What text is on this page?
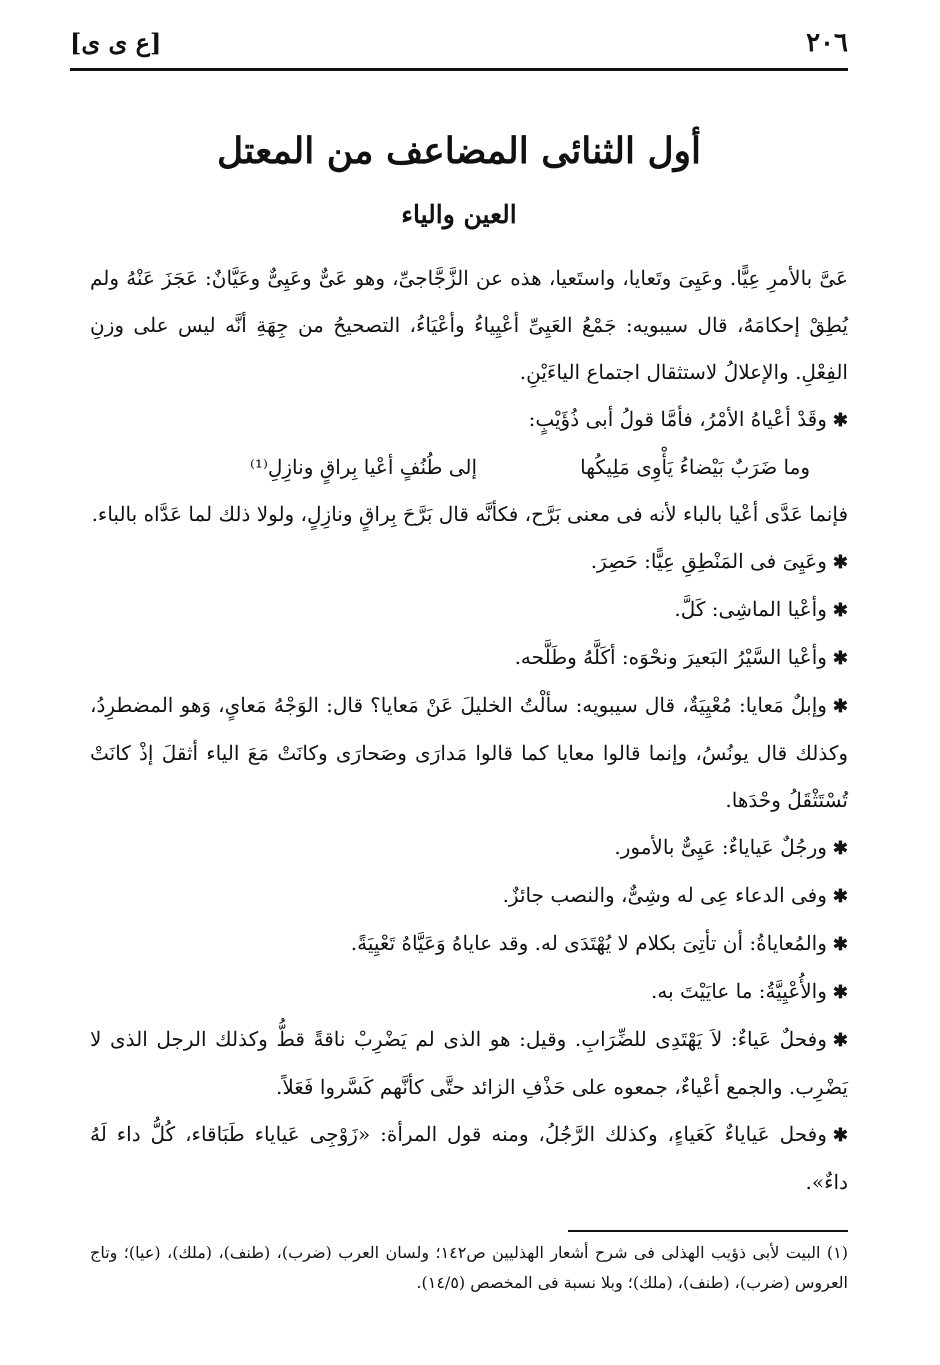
٢٠٦
[ع ى ى]
أول الثنائى المضاعف من المعتل
العين والياء

عَىَّ بالأمرِ عِيًّا. وعَيِىَ وتَعايا، واستَعيا، هذه عن الزَّجَّاجىِّ، وهو عَىٌّ وعَيِىٌّ وعَيَّانٌ: عَجَزَ عَنْهُ ولم يُطِقْ إحكامَهُ، قال سيبويه: جَمْعُ العَيِىِّ أعْيِياءُ وأعْيَاءُ، التصحيحُ من جِهَةِ أنَّه ليس على وزنِ الفِعْلِ. والإعلالُ لاستثقال اجتماع الياءَيْنِ.

✱وقَدْ أعْياهُ الأمْرُ، فأمَّا قولُ أبى ذُؤَيْبٍ:

وما ضَرَبٌ بَيْضاءُ يَأْوِى مَلِيكُها
إلى طُنُفٍ أعْيا بِراقٍ ونازِلِ⁽¹⁾

فإنما عَدَّى أعْيا بالباء لأنه فى معنى بَرَّح، فكأنَّه قال بَرَّحَ بِراقٍ ونازِلٍ، ولولا ذلك لما عَدَّاه بالباء.

✱وعَيِىَ فى المَنْطِقِ عِيًّا: حَصِرَ.

✱وأعْيا الماشِى: كَلَّ.

✱وأعْيا السَّيْرُ البَعيرَ ونحْوَه: أكَلَّهُ وطَلَّحه.

✱وإبلٌ مَعايا: مُعْيِيَةٌ، قال سيبويه: سألْتُ الخليلَ عَنْ مَعايا؟ قال: الوَجْهُ مَعاىٍ، وَهو المضطرِدُ، وكذلك قال يونُسُ، وإنما قالوا معايا كما قالوا مَدارَى وصَحارَى وكانَتْ مَعَ الياء أثقلَ إذْ كانَتْ تُسْتَثْقَلُ وحْدَها.

✱ورجُلٌ عَياياءٌ: عَيِىٌّ بالأمور.

✱وفى الدعاء عِى له وشِىٌّ، والنصب جائزٌ.

✱والمُعاياةُ: أن تأتِىَ بكلام لا يُهْتَدَى له. وقد عاياهُ وَعَيَّاهُ تَعْيِيَةً.

✱والأُعْيِيَّةُ: ما عايَيْتَ به.

✱وفحلٌ عَياءٌ: لاَ يَهْتَدِى للضِّرَابِ. وقيل: هو الذى لم يَضْرِبْ ناقةً قطُّ وكذلك الرجل الذى لا يَضْرِب. والجمع أعْياءٌ، جمعوه على حَذْفِ الزائد حتَّى كأنَّهم كَسَّروا فَعَلاً.

✱وفحل عَياياءٌ كَعَياءٍ، وكذلك الرَّجُلُ، ومنه قول المرأة: «زَوْجِى عَياياء طَبَاقاء، كُلُّ داء لَهُ داءٌ».

(١) البيت لأبى ذؤيب الهذلى فى شرح أشعار الهذليين ص١٤٢؛ ولسان العرب (ضرب)، (طنف)، (ملك)، (عيا)؛ وتاج العروس (ضرب)، (طنف)، (ملك)؛ وبلا نسبة فى المخصص (١٤/٥).
